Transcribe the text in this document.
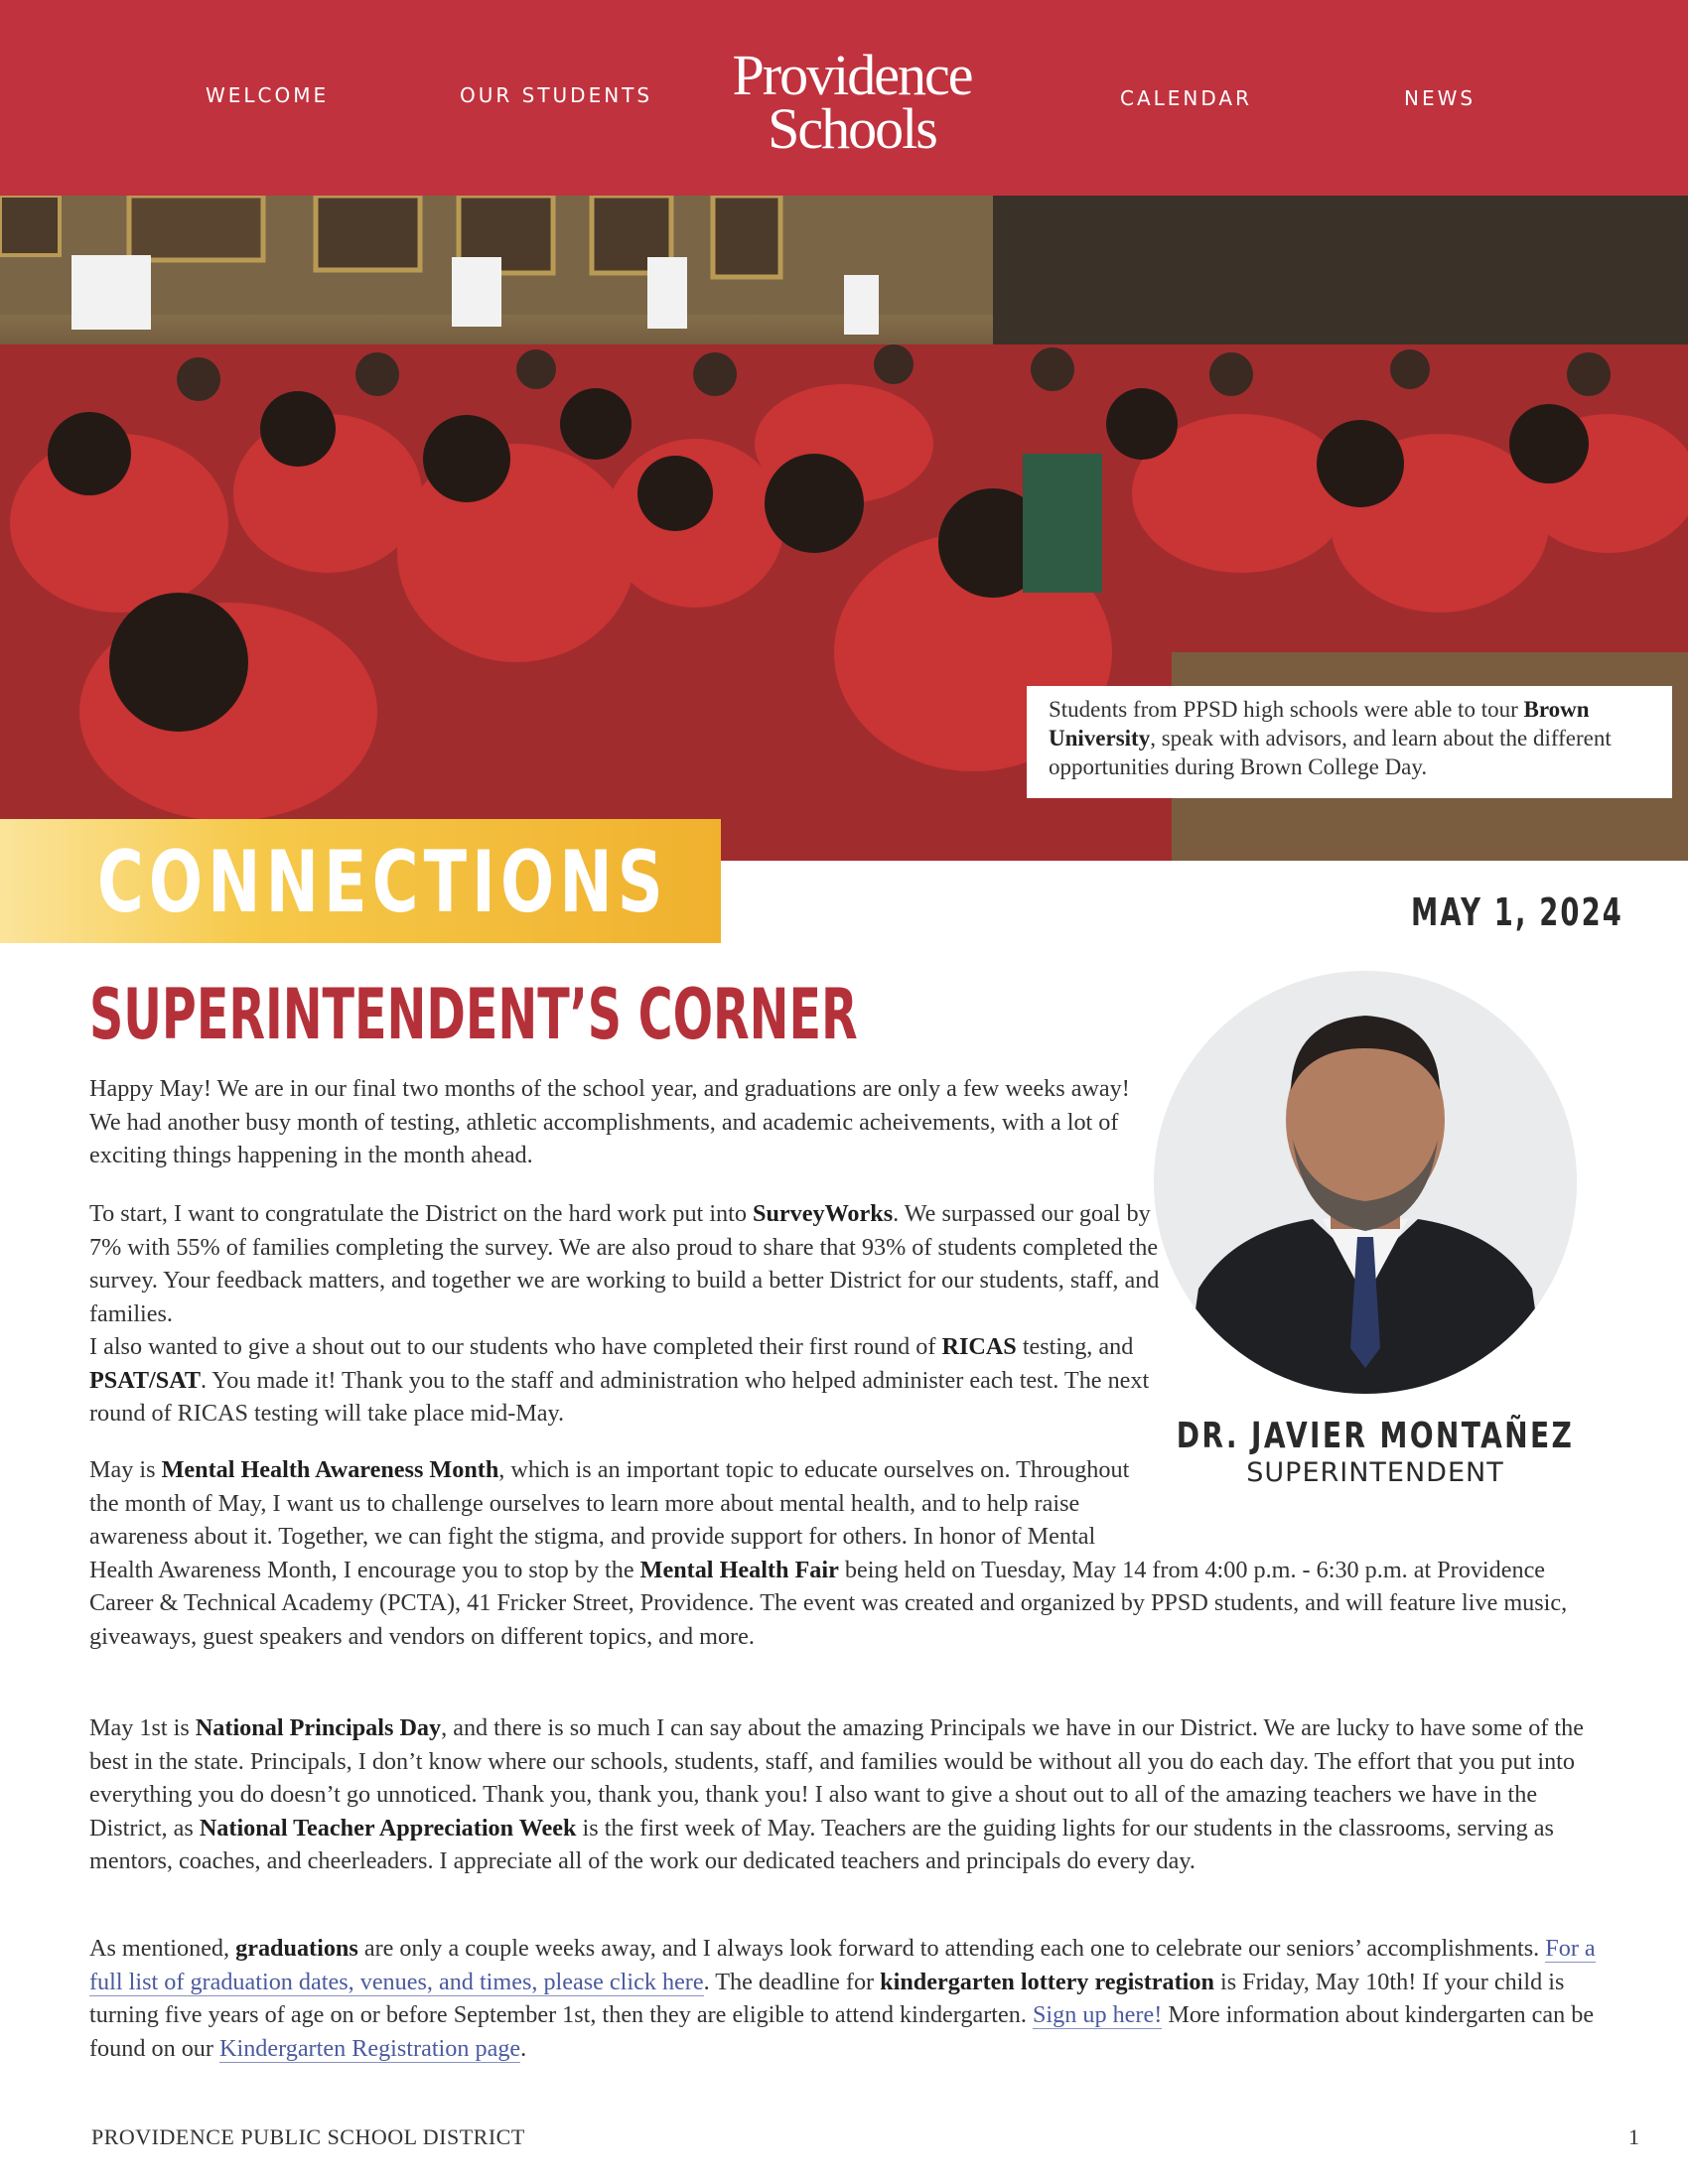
WELCOME	OUR STUDENTS Providence
Schools	CALENDAR	NEWS
Students from PPSD high schools were able to tour Brown University, speak with advisors, and learn about the different opportunities during Brown College Day.
CONNECTIONS	MAY 1, 2024
SUPERINTENDENT’S CORNER
DR. JAVIER MONTAÑEZ
SUPERINTENDENT

Happy May! We are in our final two months of the school year, and graduations are only a few weeks away! We had another busy month of testing, athletic accomplishments, and academic acheivements, with a lot of exciting things happening in the month ahead.

To start, I want to congratulate the District on the hard work put into SurveyWorks. We surpassed our goal by 7% with 55% of families completing the survey. We are also proud to share that 93% of students completed the survey. Your feedback matters, and together we are working to build a better District for our students, staff, and families.
I also wanted to give a shout out to our students who have completed their first round of RICAS testing, and PSAT/SAT. You made it! Thank you to the staff and administration who helped administer each test. The next round of RICAS testing will take place mid-May.

May is Mental Health Awareness Month, which is an important topic to educate ourselves on. Throughout the month of May, I want us to challenge ourselves to learn more about mental health, and to help raise awareness about it. Together, we can fight the stigma, and provide support for others. In honor of Mental Health Awareness Month, I encourage you to stop by the Mental Health Fair being held on Tuesday, May 14 from 4:00 p.m. - 6:30 p.m. at Providence Career & Technical Academy (PCTA), 41 Fricker Street, Providence. The event was created and organized by PPSD students, and will feature live music, giveaways, guest speakers and vendors on different topics, and more.

May 1st is National Principals Day, and there is so much I can say about the amazing Principals we have in our District. We are lucky to have some of the best in the state. Principals, I don’t know where our schools, students, staff, and families would be without all you do each day. The effort that you put into everything you do doesn’t go unnoticed. Thank you, thank you, thank you! I also want to give a shout out to all of the amazing teachers we have in the District, as National Teacher Appreciation Week is the first week of May. Teachers are the guiding lights for our students in the classrooms, serving as mentors, coaches, and cheerleaders. I appreciate all of the work our dedicated teachers and principals do every day.

As mentioned, graduations are only a couple weeks away, and I always look forward to attending each one to celebrate our seniors’ accomplishments. For a full list of graduation dates, venues, and times, please click here. The deadline for kindergarten lottery registration is Friday, May 10th! If your child is turning five years of age on or before September 1st, then they are eligible to attend kindergarten. Sign up here! More information about kindergarten can be found on our Kindergarten Registration page.

PROVIDENCE PUBLIC SCHOOL DISTRICT	1
